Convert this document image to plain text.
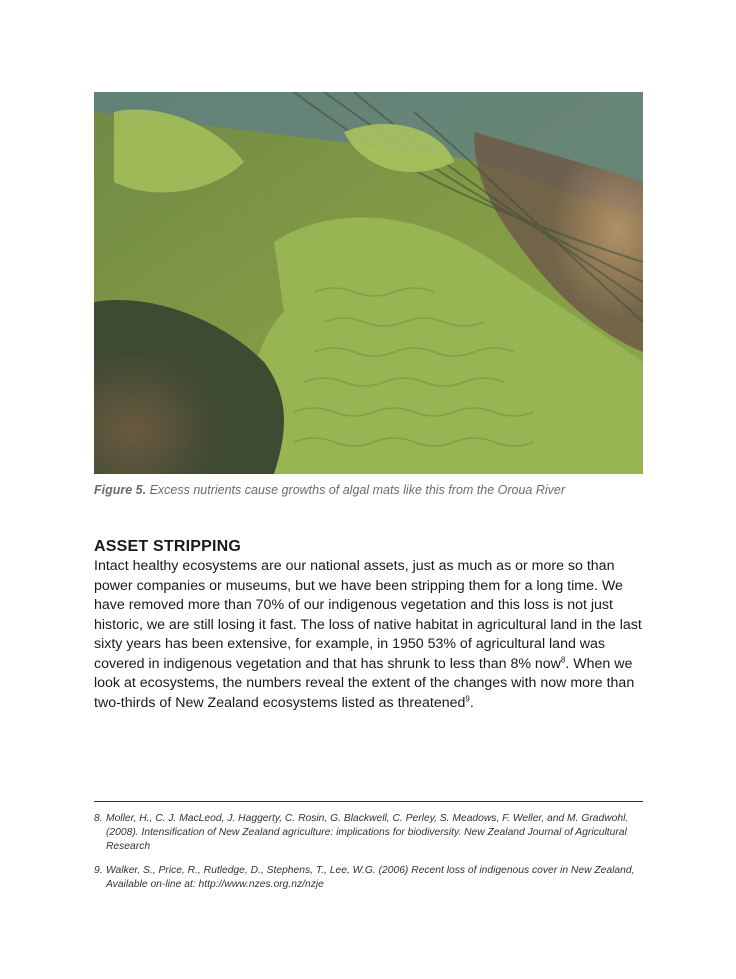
Figure 5. Excess nutrients cause growths of algal mats like this from the Oroua River
ASSET STRIPPING
Intact healthy ecosystems are our national assets, just as much as or more so than power companies or museums, but we have been stripping them for a long time. We have removed more than 70% of our indigenous vegetation and this loss is not just historic, we are still losing it fast. The loss of native habitat in agricultural land in the last sixty years has been extensive, for example, in 1950 53% of agricultural land was covered in indigenous vegetation and that has shrunk to less than 8% now$^8$. When we look at ecosystems, the numbers reveal the extent of the changes with now more than two-thirds of New Zealand ecosystems listed as threatened$^9$.
8. Moller, H., C. J. MacLeod, J. Haggerty, C. Rosin, G. Blackwell, C. Perley, S. Meadows, F. Weller, and M. Gradwohl. (2008). Intensification of New Zealand agriculture: implications for biodiversity. New Zealand Journal of Agricultural Research
9. Walker, S., Price, R., Rutledge, D., Stephens, T., Lee, W.G. (2006) Recent loss of indigenous cover in New Zealand, Available on-line at: http://www.nzes.org.nz/nzje
